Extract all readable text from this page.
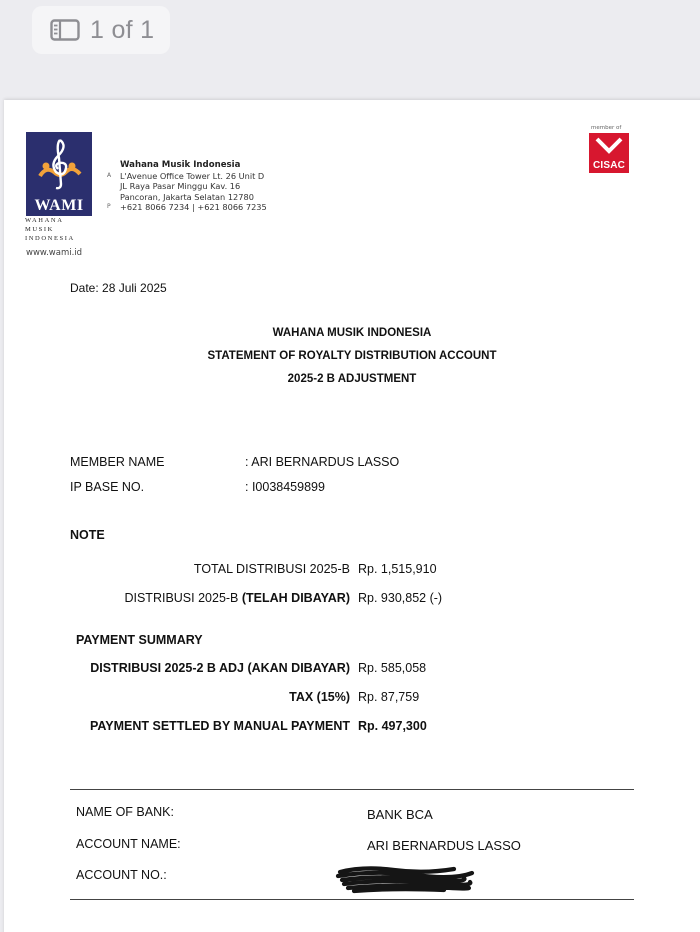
1 of 1
WAMI
WAHANA MUSIK
INDONESIA
Wahana Musik Indonesia
A	L'Avenue Office Tower Lt. 26 Unit D
JL Raya Pasar Minggu Kav. 16
Pancoran, Jakarta Selatan 12780
P	+621 8066 7234 | +621 8066 7235
www.wami.id
member of
CISAC
Date: 28 Juli 2025
WAHANA MUSIK INDONESIA
STATEMENT OF ROYALTY DISTRIBUTION ACCOUNT
2025-2 B ADJUSTMENT
MEMBER NAME	: ARI BERNARDUS LASSO
IP BASE NO.	: I0038459899
NOTE
TOTAL DISTRIBUSI 2025-B Rp. 1,515,910
DISTRIBUSI 2025-B (TELAH DIBAYAR) Rp. 930,852 (-)
PAYMENT SUMMARY
DISTRIBUSI 2025-2 B ADJ (AKAN DIBAYAR) Rp. 585,058
TAX (15%) Rp. 87,759
PAYMENT SETTLED BY MANUAL PAYMENT Rp. 497,300
NAME OF BANK:	BANK BCA
ACCOUNT NAME:	ARI BERNARDUS LASSO
ACCOUNT NO.:
